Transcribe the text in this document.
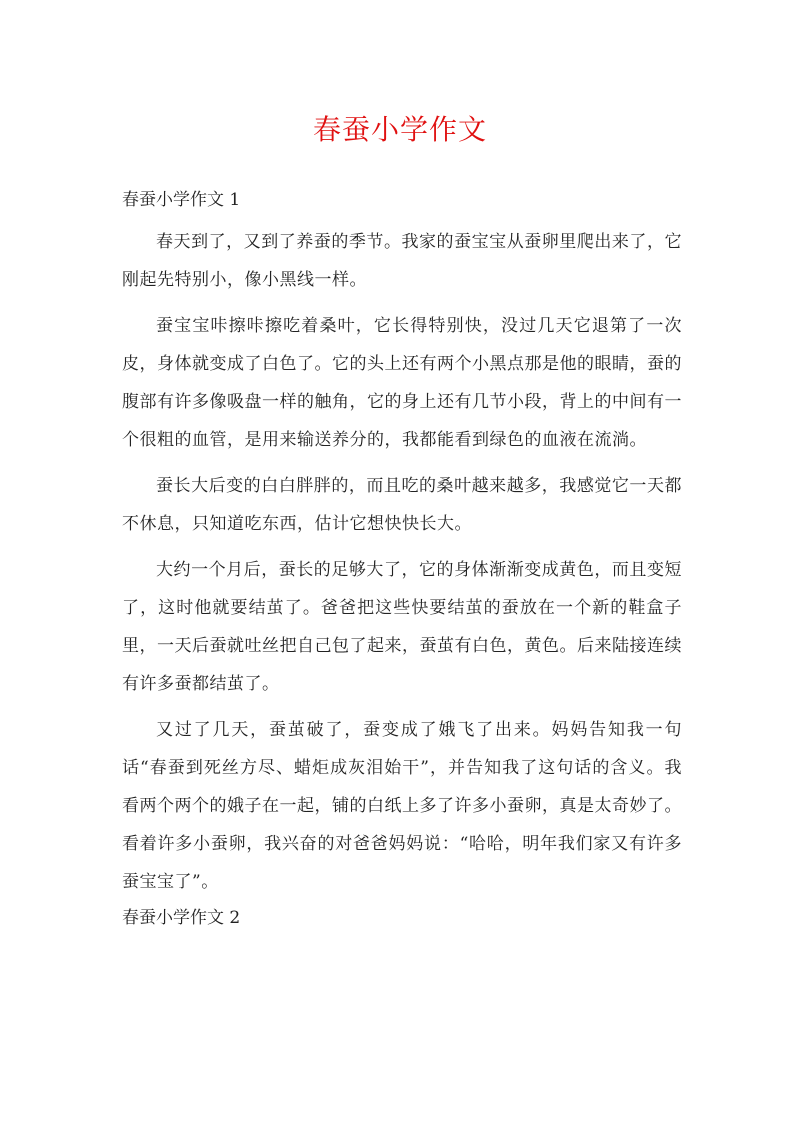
春蚕小学作文
春蚕小学作文 1

春天到了，又到了养蚕的季节。我家的蚕宝宝从蚕卵里爬出来了，它刚起先特别小，像小黑线一样。

蚕宝宝咔擦咔擦吃着桑叶，它长得特别快，没过几天它退第了一次皮，身体就变成了白色了。它的头上还有两个小黑点那是他的眼睛，蚕的腹部有许多像吸盘一样的触角，它的身上还有几节小段，背上的中间有一个很粗的血管，是用来输送养分的，我都能看到绿色的血液在流淌。

蚕长大后变的白白胖胖的，而且吃的桑叶越来越多，我感觉它一天都不休息，只知道吃东西，估计它想快快长大。

大约一个月后，蚕长的足够大了，它的身体渐渐变成黄色，而且变短了，这时他就要结茧了。爸爸把这些快要结茧的蚕放在一个新的鞋盒子里，一天后蚕就吐丝把自己包了起来，蚕茧有白色，黄色。后来陆接连续有许多蚕都结茧了。

又过了几天，蚕茧破了，蚕变成了娥飞了出来。妈妈告知我一句话“春蚕到死丝方尽、蜡炬成灰泪始干”，并告知我了这句话的含义。我看两个两个的娥子在一起，铺的白纸上多了许多小蚕卵，真是太奇妙了。看着许多小蚕卵，我兴奋的对爸爸妈妈说：“哈哈，明年我们家又有许多蚕宝宝了”。

春蚕小学作文 2
